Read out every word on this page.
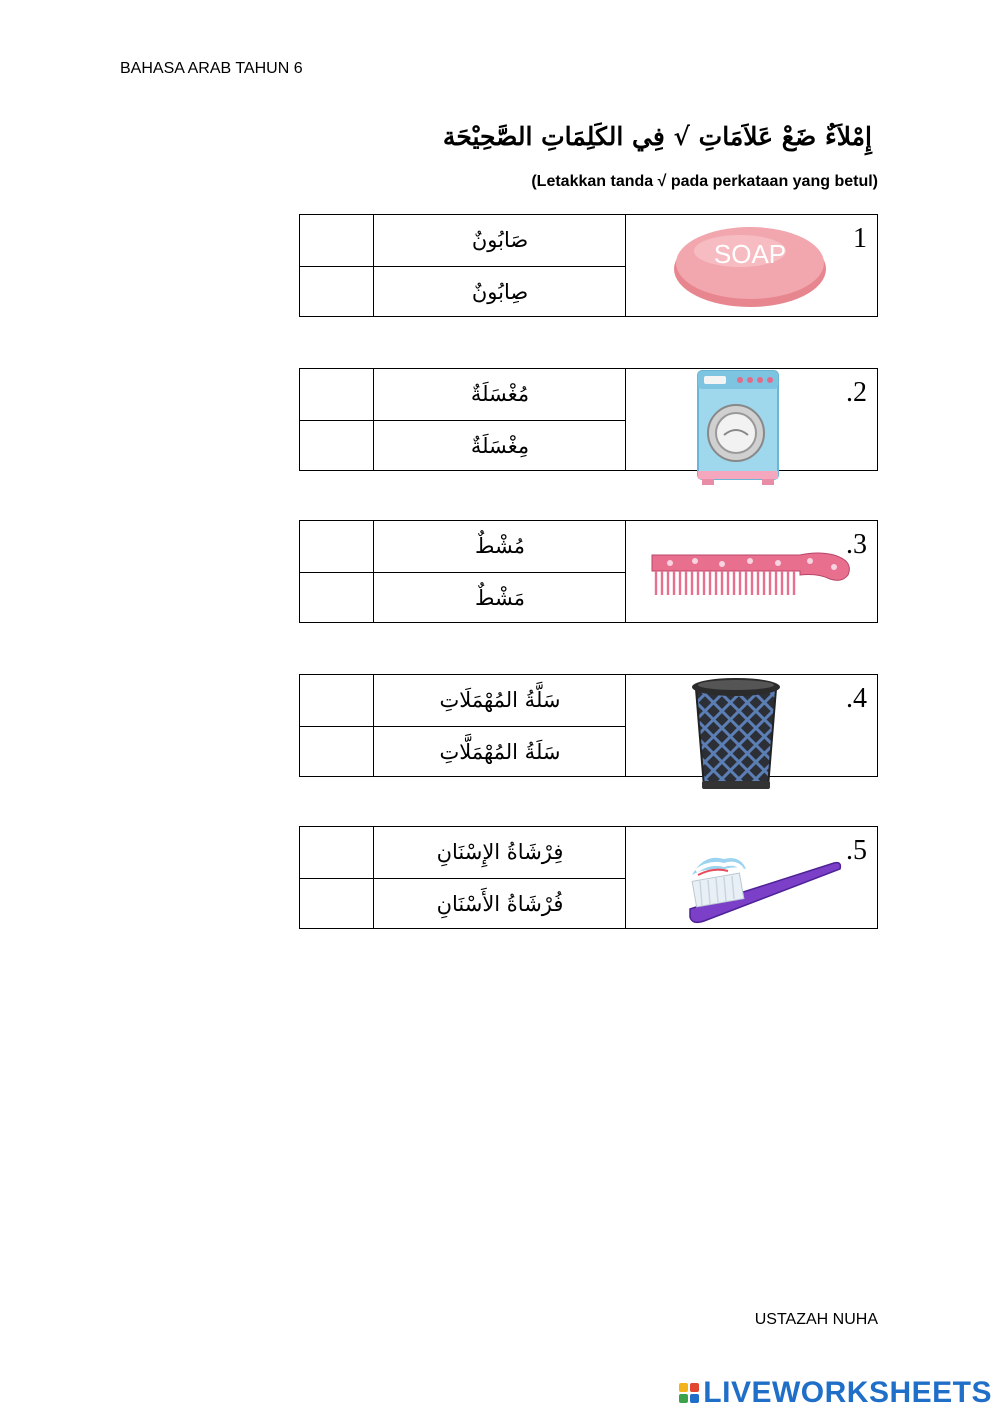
BAHASA ARAB TAHUN 6
إِمْلاَءٌ ضَعْ عَلاَمَاتِ √ فِي الكَلِمَاتِ الصَّحِيْحَة
(Letakkan tanda √ pada perkataan yang betul)
صَابُونٌ
صِابُونٌ
1
SOAP
مُغْسَلَةٌ
مِغْسَلَةٌ
.2
مُشْطٌ
مَشْطٌ
.3
سَلَّةُ المُهْمَلَاتِ
سَلَةُ المُهْمَلَّاتِ
.4
فِرْشَاةُ الإِسْنَانِ
فُرْشَاةُ الأَسْنَانِ
.5
USTAZAH NUHA
LIVEWORKSHEETS
